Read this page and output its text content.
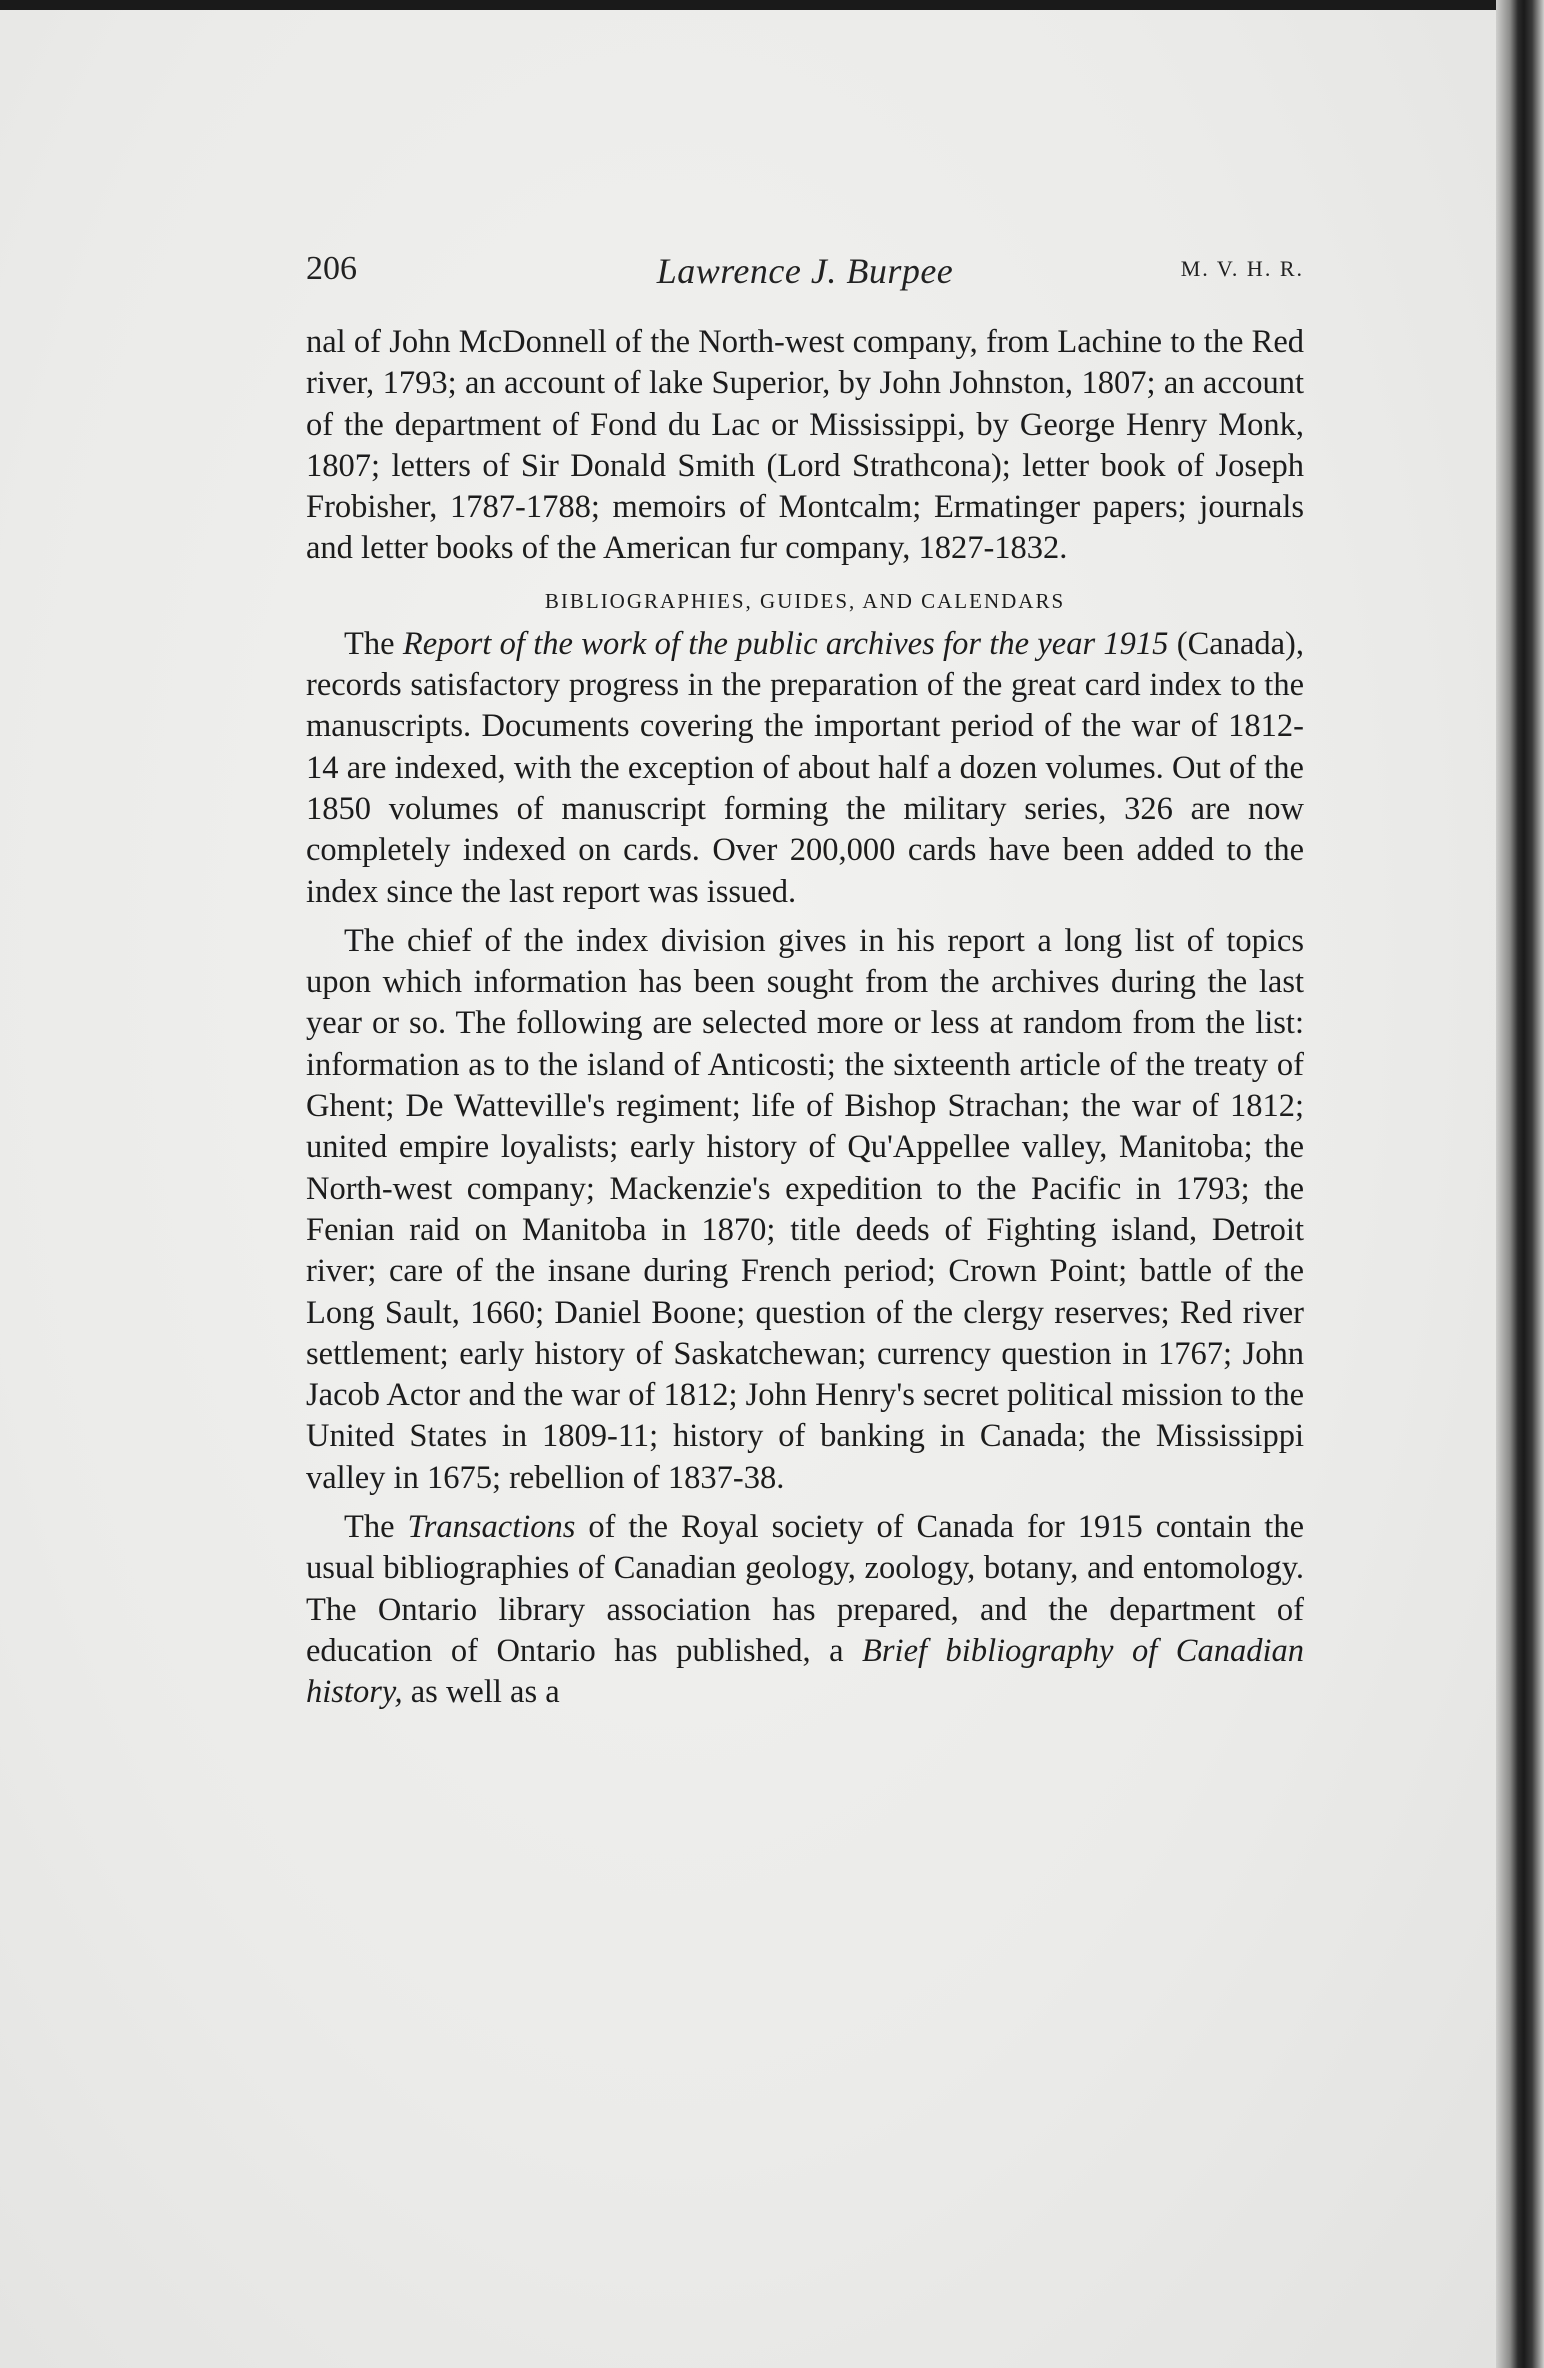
206	Lawrence J. Burpee	M. V. H. R.

nal of John McDonnell of the North-west company, from Lachine to the Red river, 1793; an account of lake Superior, by John Johnston, 1807; an account of the department of Fond du Lac or Mississippi, by George Henry Monk, 1807; letters of Sir Donald Smith (Lord Strathcona); letter book of Joseph Frobisher, 1787-1788; memoirs of Montcalm; Ermatinger papers; journals and letter books of the American fur company, 1827-1832.

BIBLIOGRAPHIES, GUIDES, AND CALENDARS

The Report of the work of the public archives for the year 1915 (Canada), records satisfactory progress in the preparation of the great card index to the manuscripts. Documents covering the important period of the war of 1812-14 are indexed, with the exception of about half a dozen volumes. Out of the 1850 volumes of manuscript forming the military series, 326 are now completely indexed on cards. Over 200,000 cards have been added to the index since the last report was issued.

The chief of the index division gives in his report a long list of topics upon which information has been sought from the archives during the last year or so. The following are selected more or less at random from the list: information as to the island of Anticosti; the sixteenth article of the treaty of Ghent; De Watteville's regiment; life of Bishop Strachan; the war of 1812; united empire loyalists; early history of Qu'Appellee valley, Manitoba; the North-west company; Mackenzie's expedition to the Pacific in 1793; the Fenian raid on Manitoba in 1870; title deeds of Fighting island, Detroit river; care of the insane during French period; Crown Point; battle of the Long Sault, 1660; Daniel Boone; question of the clergy reserves; Red river settlement; early history of Saskatchewan; currency question in 1767; John Jacob Actor and the war of 1812; John Henry's secret political mission to the United States in 1809-11; history of banking in Canada; the Mississippi valley in 1675; rebellion of 1837-38.

The Transactions of the Royal society of Canada for 1915 contain the usual bibliographies of Canadian geology, zoology, botany, and entomology. The Ontario library association has prepared, and the department of education of Ontario has published, a Brief bibliography of Canadian history, as well as a
